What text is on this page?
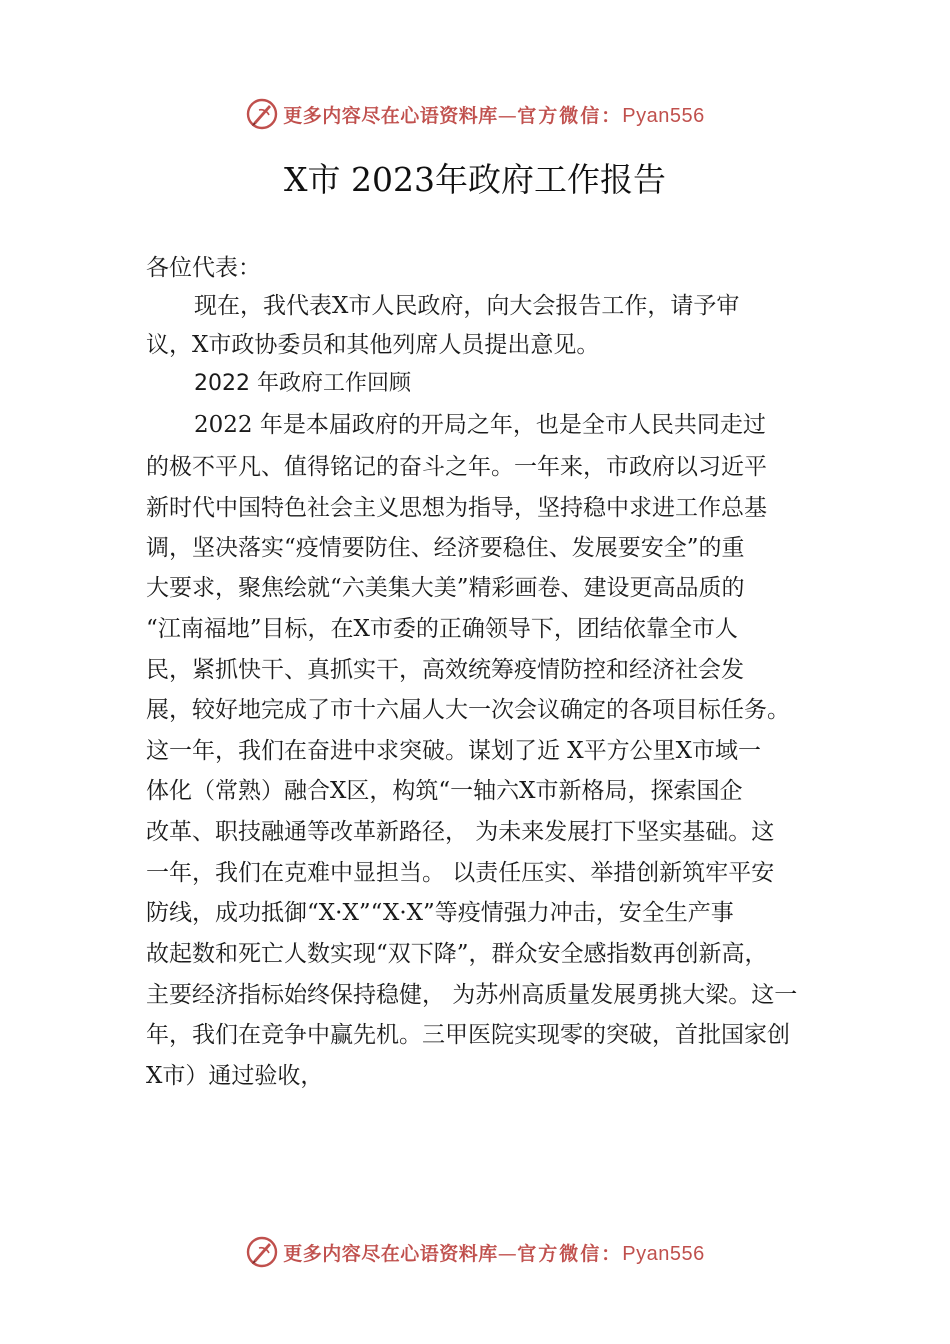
更多内容尽在心语资料库—官方微信：Pyan556
X市 2023年政府工作报告
各位代表：
现在，我代表X市人民政府，向大会报告工作，请予审
议，X市政协委员和其他列席人员提出意见。
2022 年政府工作回顾
2022 年是本届政府的开局之年，也是全市人民共同走过
的极不平凡、值得铭记的奋斗之年。一年来，市政府以习近平
新时代中国特色社会主义思想为指导，坚持稳中求进工作总基
调，坚决落实“疫情要防住、经济要稳住、发展要安全”的重
大要求，聚焦绘就“六美集大美”精彩画卷、建设更高品质的
“江南福地”目标，在X市委的正确领导下，团结依靠全市人
民，紧抓快干、真抓实干，高效统筹疫情防控和经济社会发
展，较好地完成了市十六届人大一次会议确定的各项目标任务。
这一年，我们在奋进中求突破。谋划了近 X平方公里X市域一
体化（常熟）融合X区，构筑“一轴六X市新格局，探索国企
改革、职技融通等改革新路径， 为未来发展打下坚实基础。这
一年，我们在克难中显担当。 以责任压实、举措创新筑牢平安
防线，成功抵御“X·X”“X·X”等疫情强力冲击，安全生产事
故起数和死亡人数实现“双下降”，群众安全感指数再创新高，
主要经济指标始终保持稳健， 为苏州高质量发展勇挑大梁。这一
年，我们在竞争中赢先机。三甲医院实现零的突破，首批国家创
X市）通过验收，
更多内容尽在心语资料库—官方微信：Pyan556
